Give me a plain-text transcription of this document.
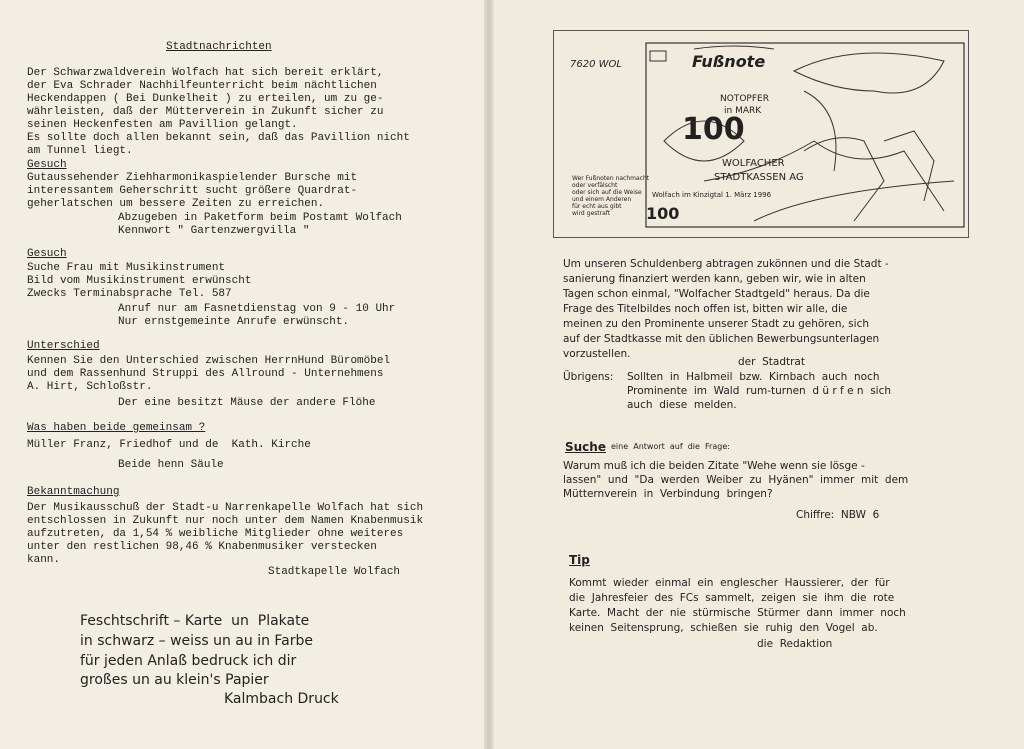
Stadtnachrichten
Der Schwarzwaldverein Wolfach hat sich bereit erklärt,
der Eva Schrader Nachhilfeunterricht beim nächtlichen
Heckendappen ( Bei Dunkelheit ) zu erteilen, um zu ge-
währleisten, daß der Mütterverein in Zukunft sicher zu
seinen Heckenfesten am Pavillion gelangt.
Es sollte doch allen bekannt sein, daß das Pavillion nicht
am Tunnel liegt.
Gesuch
Gutaussehender Ziehharmonikaspielender Bursche mit
interessantem Geherschritt sucht größere Quardrat-
geherlatschen um bessere Zeiten zu erreichen.
Abzugeben in Paketform beim Postamt Wolfach
Kennwort " Gartenzwergvilla "
Gesuch
Suche Frau mit Musikinstrument
Bild vom Musikinstrument erwünscht
Zwecks Terminabsprache Tel. 587
Anruf nur am Fasnetdienstag von 9 - 10 Uhr
Nur ernstgemeinte Anrufe erwünscht.
Unterschied
Kennen Sie den Unterschied zwischen HerrnHund Büromöbel
und dem Rassenhund Struppi des Allround - Unternehmens
A. Hirt, Schloßstr.
Der eine besitzt Mäuse der andere Flöhe
Was haben beide gemeinsam ?
Müller Franz, Friedhof und de  Kath. Kirche
Beide henn Säule
Bekanntmachung
Der Musikausschuß der Stadt-u Narrenkapelle Wolfach hat sich
entschlossen in Zukunft nur noch unter dem Namen Knabenmusik
aufzutreten, da 1,54 % weibliche Mitglieder ohne weiteres
unter den restlichen 98,46 % Knabenmusiker verstecken
kann.
Stadtkapelle Wolfach
Feschtschrift – Karte  un  Plakate
in schwarz – weiss un au in Farbe
für jeden Anlaß bedruck ich dir
großes un au klein's Papier
Kalmbach Druck
7620 WOL	Fußnote
NOTOPFER
in MARK
100
WOLFACHER
STADTKASSEN AG
Wolfach im Kinzigtal 1. März 1996
Wer Fußnoten nachmacht
oder verfälscht
oder sich auf die Weise
und einem Anderen
für echt aus gibt
wird gestraft 100
Um unseren Schuldenberg abtragen zukönnen und die Stadt -
sanierung finanziert werden kann, geben wir, wie in alten
Tagen schon einmal, "Wolfacher Stadtgeld" heraus. Da die
Frage des Titelbildes noch offen ist, bitten wir alle, die
meinen zu den Prominente unserer Stadt zu gehören, sich
auf der Stadtkasse mit den üblichen Bewerbungsunterlagen
vorzustellen.
der  Stadtrat
Übrigens: Sollten  in  Halbmeil  bzw.  Kirnbach  auch  noch
Prominente  im  Wald  rum-turnen  d ü r f e n  sich
auch  diese  melden.
Suche eine  Antwort  auf  die  Frage:
Warum muß ich die beiden Zitate "Wehe wenn sie lösge -
lassen"  und  "Da  werden  Weiber  zu  Hyänen"  immer  mit  dem
Mütternverein  in  Verbindung  bringen?
Chiffre:  NBW  6
Tip
Kommt  wieder  einmal  ein  englescher  Haussierer,  der  für
die  Jahresfeier  des  FCs  sammelt,  zeigen  sie  ihm  die  rote
Karte.  Macht  der  nie  stürmische  Stürmer  dann  immer  noch
keinen  Seitensprung,  schießen  sie  ruhig  den  Vogel  ab.
die  Redaktion
